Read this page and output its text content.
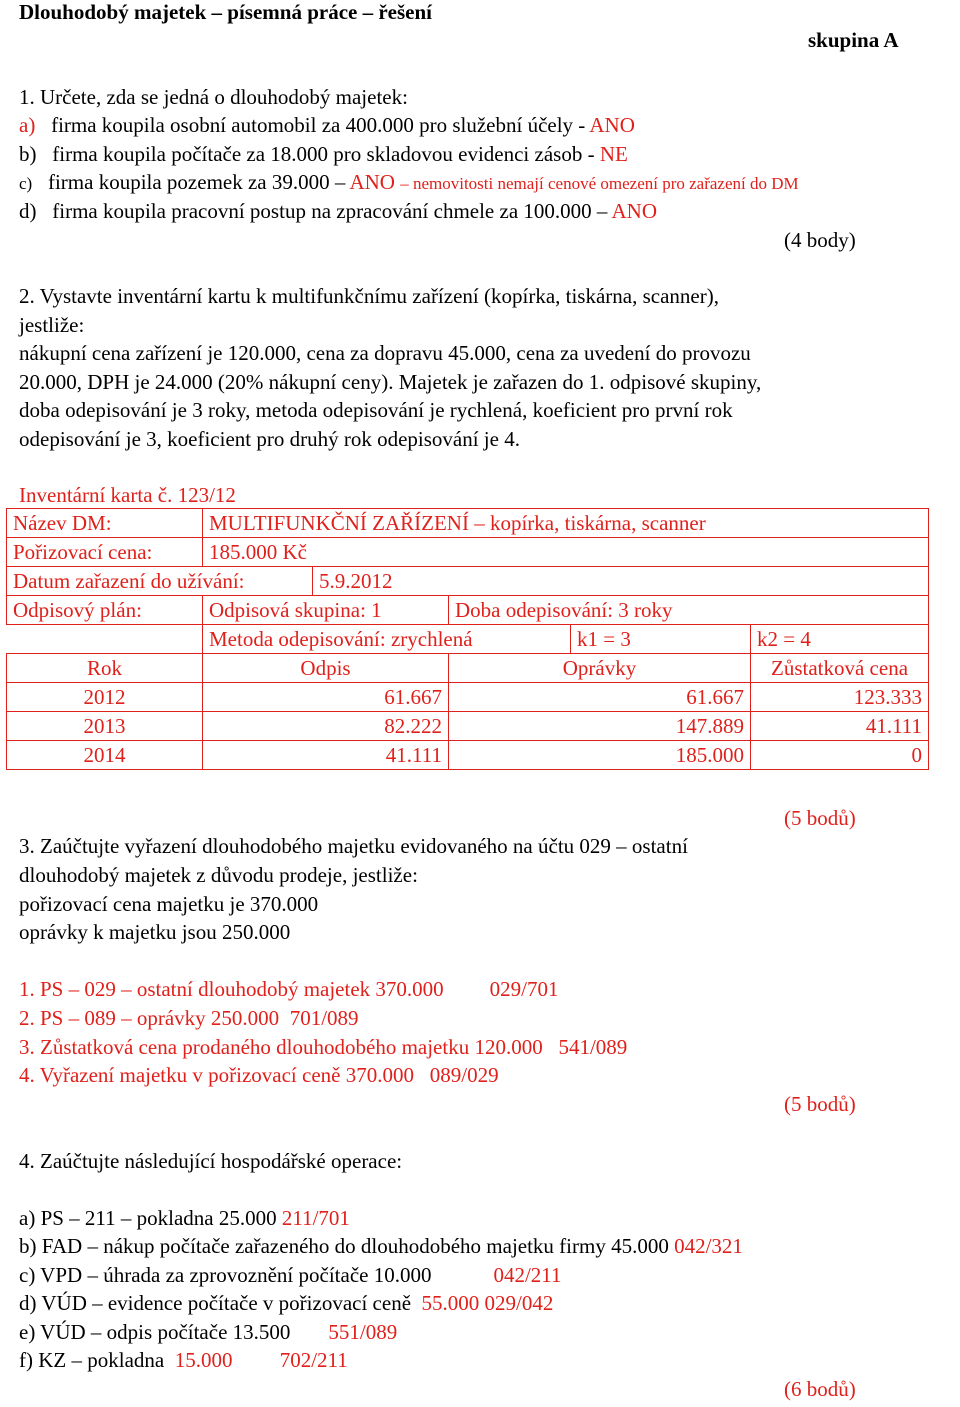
Dlouhodobý majetek – písemná práce – řešení
skupina A
1. Určete, zda se jedná o dlouhodobý majetek:
a) firma koupila osobní automobil za 400.000 pro služební účely - ANO
b) firma koupila počítače za 18.000 pro skladovou evidenci zásob - NE
c) firma koupila pozemek za 39.000 – ANO – nemovitosti nemají cenové omezení pro zařazení do DM
d) firma koupila pracovní postup na zpracování chmele za 100.000 – ANO
(4 body)
2. Vystavte inventární kartu k multifunkčnímu zařízení (kopírka, tiskárna, scanner),
jestliže:
nákupní cena zařízení je 120.000, cena za dopravu 45.000, cena za uvedení do provozu
20.000, DPH je 24.000 (20% nákupní ceny). Majetek je zařazen do 1. odpisové skupiny,
doba odepisování je 3 roky, metoda odepisování je rychlená, koeficient pro první rok
odepisování je 3, koeficient pro druhý rok odepisování je 4.
Inventární karta č. 123/12
Název DM:	MULTIFUNKČNÍ ZAŘÍZENÍ – kopírka, tiskárna, scanner				
Pořizovací cena:	185.000 Kč				
Datum zařazení do užívání:		5.9.2012			
Odpisový plán:	Odpisová skupina: 1		Doba odepisování: 3 roky		
	Metoda odepisování: zrychlená			k1 = 3	k2 = 4
Rok	Odpis		Oprávky		Zůstatková cena
2012	61.667		61.667		123.333
2013	82.222		147.889		41.111
2014	41.111		185.000		0
(5 bodů)
3. Zaúčtujte vyřazení dlouhodobého majetku evidovaného na účtu 029 – ostatní
dlouhodobý majetek z důvodu prodeje, jestliže:
pořizovací cena majetku je 370.000
oprávky k majetku jsou 250.000
1. PS – 029 – ostatní dlouhodobý majetek 370.000 029/701
2. PS – 089 – oprávky 250.000 701/089
3. Zůstatková cena prodaného dlouhodobého majetku 120.000 541/089
4. Vyřazení majetku v pořizovací ceně 370.000 089/029
(5 bodů)
4. Zaúčtujte následující hospodářské operace:
a) PS – 211 – pokladna 25.000 211/701
b) FAD – nákup počítače zařazeného do dlouhodobého majetku firmy 45.000 042/321
c) VPD – úhrada za zprovoznění počítače 10.000	042/211
d) VÚD – evidence počítače v pořizovací ceně 55.000 029/042
e) VÚD – odpis počítače 13.500 551/089
f) KZ – pokladna 15.000         702/211
(6 bodů)
